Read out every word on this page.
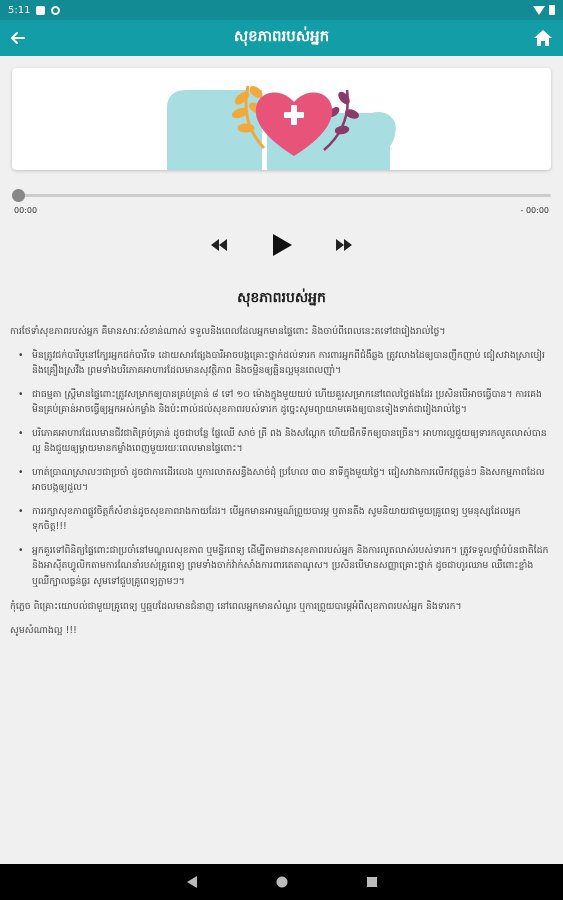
5:11
សុខភាពរបស់អ្នក
00:00	- 00:00
សុខភាពរបស់អ្នក

ការថែទាំសុខភាពរបស់អ្នក គឺមានសារៈសំខាន់ណាស់ ទទួលនិងពេលដែលអ្នកមានផ្ទៃពោះ និងចាប់ពីពេលនេះតទៅជារៀងរាល់ថ្ងៃ។

• មិនត្រូវជក់បារីឬនៅក្បែរអ្នកជក់បារីទេ ដោយសារផ្សែងបារីអាចបង្កគ្រោះថ្នាក់ដល់ទារក ការពារអ្នកពីជំងឺឆ្លង ត្រូវលាងដៃឲ្យបានញឹកញាប់ ជៀសវាងស្រាបៀរ និងគ្រឿងស្រវឹង ព្រមទាំងបរិភោគអាហារដែលមានសុវត្ថិភាព និងចម្អិនឲ្យឆ្អិនល្អមុនពេលញ៉ាំ។
• ជាធម្មតា ស្ត្រីមានផ្ទៃពោះត្រូវសម្រាកឲ្យបានគ្រប់គ្រាន់ ៨ ទៅ ១០ ម៉ោងក្នុងមួយយប់ ហើយគួរសម្រាកនៅពេលថ្ងៃផងដែរ ប្រសិនបើអាចធ្វើបាន។ ការគេងមិនគ្រប់គ្រាន់អាចធ្វើឲ្យអ្នកអស់កម្លាំង និងប៉ះពាល់ដល់សុខភាពរបស់ទារក ដូច្នេះសូមព្យាយាមគេងឲ្យបានទៀងទាត់ជារៀងរាល់ថ្ងៃ។
• បរិភោគអាហារដែលមានជីវជាតិគ្រប់គ្រាន់ ដូចជាបន្លែ ផ្លែឈើ សាច់ ត្រី ពង និងសណ្តែក ហើយផឹកទឹកឲ្យបានច្រើន។ អាហារល្អជួយឲ្យទារកលូតលាស់បានល្អ និងជួយឲ្យម្តាយមានកម្លាំងពេញមួយរយៈពេលមានផ្ទៃពោះ។
• ហាត់ប្រាណស្រាលៗជាប្រចាំ ដូចជាការដើរលេង ឬការលាតសន្ធឹងសាច់ដុំ ប្រហែល ៣០ នាទីក្នុងមួយថ្ងៃ។ ជៀសវាងការលើកវត្ថុធ្ងន់ៗ និងសកម្មភាពដែលអាចបង្កឲ្យដួល។
• ការរក្សាសុខភាពផ្លូវចិត្តក៏សំខាន់ដូចសុខភាពរាងកាយដែរ។ បើអ្នកមានអារម្មណ៍ព្រួយបារម្ភ ឬតានតឹង សូមនិយាយជាមួយគ្រូពេទ្យ ឬមនុស្សដែលអ្នកទុកចិត្ត!!!
• អ្នកគួរទៅពិនិត្យផ្ទៃពោះជាប្រចាំនៅមណ្ឌលសុខភាព ឬមន្ទីរពេទ្យ ដើម្បីតាមដានសុខភាពរបស់អ្នក និងការលូតលាស់របស់ទារក។ ត្រូវទទួលថ្នាំបំប៉នជាតិដែក និងអាស៊ីតហ្វូលិកតាមការណែនាំរបស់គ្រូពេទ្យ ព្រមទាំងចាក់វ៉ាក់សាំងការពារតេតាណូស។ ប្រសិនបើមានសញ្ញាគ្រោះថ្នាក់ ដូចជាហូរឈាម ឈឺពោះខ្លាំង ឬឈឺក្បាលធ្ងន់ធ្ងរ សូមទៅជួបគ្រូពេទ្យភ្លាមៗ។

កុំភ្លេច ពិគ្រោះយោបល់ជាមួយគ្រូពេទ្យ ឬឆ្មបដែលមានជំនាញ នៅពេលអ្នកមានសំណួរ ឬការព្រួយបារម្ភអំពីសុខភាពរបស់អ្នក និងទារក។

សូមសំណាងល្អ !!!
